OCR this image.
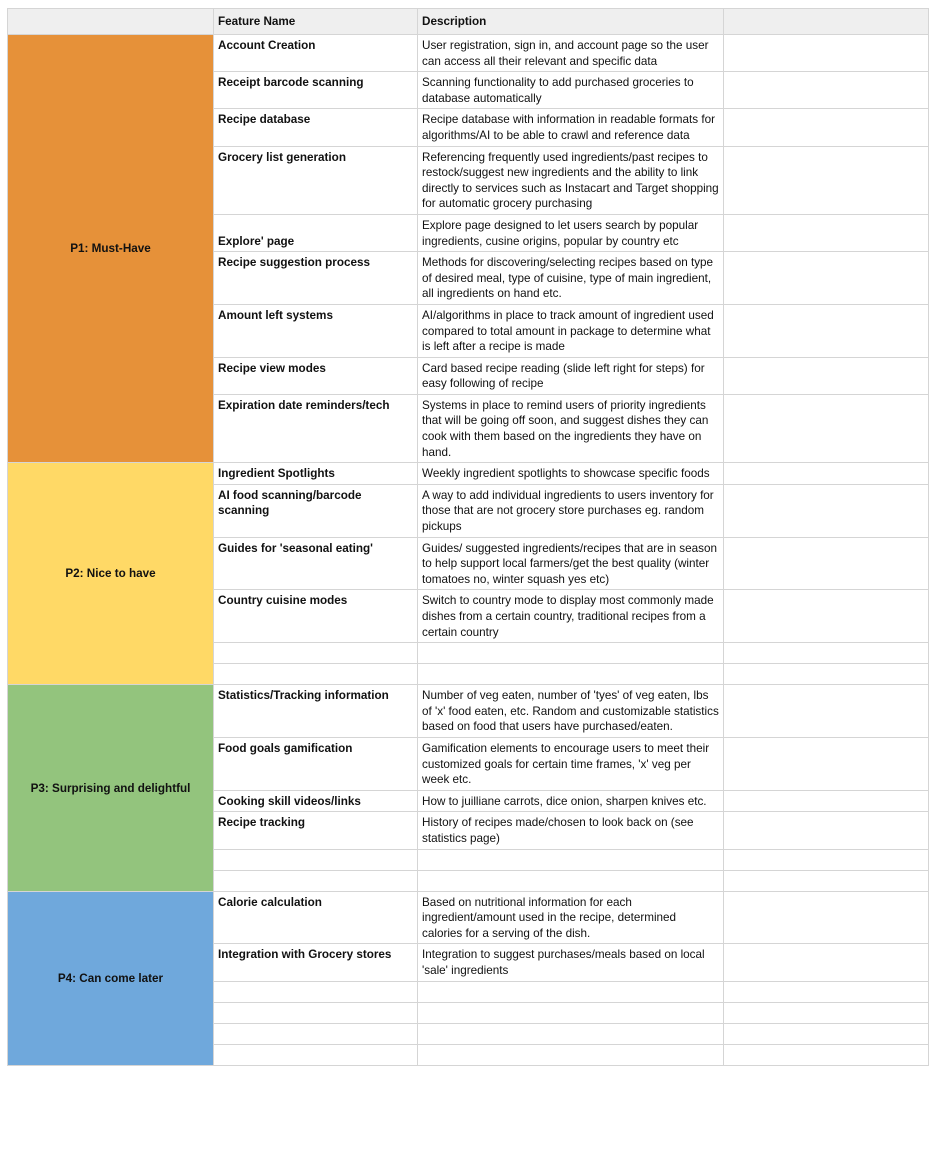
	Feature Name	Description	
P1: Must-Have	Account Creation	User registration, sign in, and account page so the user can access all their relevant and specific data	
	Receipt barcode scanning	Scanning functionality to add purchased groceries to database automatically	
	Recipe database	Recipe database with information in readable formats for algorithms/AI to be able to crawl and reference data	
	Grocery list generation	Referencing frequently used ingredients/past recipes to restock/suggest new ingredients and the ability to link directly to services such as Instacart and Target shopping for automatic grocery purchasing	
	Explore' page	Explore page designed to let users search by popular ingredients, cusine origins, popular by country etc	
	Recipe suggestion process	Methods for discovering/selecting recipes based on type of desired meal, type of cuisine, type of main ingredient, all ingredients on hand etc.	
	Amount left systems	AI/algorithms in place to track amount of ingredient used compared to total amount in package to determine what is left after a recipe is made	
	Recipe view modes	Card based recipe reading (slide left right for steps) for easy following of recipe	
	Expiration date reminders/tech	Systems in place to remind users of priority ingredients that will be going off soon, and suggest dishes they can cook with them based on the ingredients they have on hand.	
P2: Nice to have	Ingredient Spotlights	Weekly ingredient spotlights to showcase specific foods	
	AI food scanning/barcode scanning	A way to add individual ingredients to users inventory for those that are not grocery store purchases eg. random pickups	
	Guides for 'seasonal eating'	Guides/ suggested ingredients/recipes that are in season to help support local farmers/get the best quality (winter tomatoes no, winter squash yes etc)	
	Country cuisine modes	Switch to country mode to display most commonly made dishes from a certain country, traditional recipes from a certain country	

P3: Surprising and delightful	Statistics/Tracking information	Number of veg eaten, number of 'tyes' of veg eaten, lbs of 'x' food eaten, etc. Random and customizable statistics based on food that users have purchased/eaten.	
	Food goals gamification	Gamification elements to encourage users to meet their customized goals for certain time frames, 'x' veg per week etc.	
	Cooking skill videos/links	How to juilliane carrots, dice onion, sharpen knives etc.	
	Recipe tracking	History of recipes made/chosen to look back on (see statistics page)	

P4: Can come later	Calorie calculation	Based on nutritional information for each ingredient/amount used in the recipe, determined calories for a serving of the dish.	
	Integration with Grocery stores	Integration to suggest purchases/meals based on local 'sale' ingredients	
